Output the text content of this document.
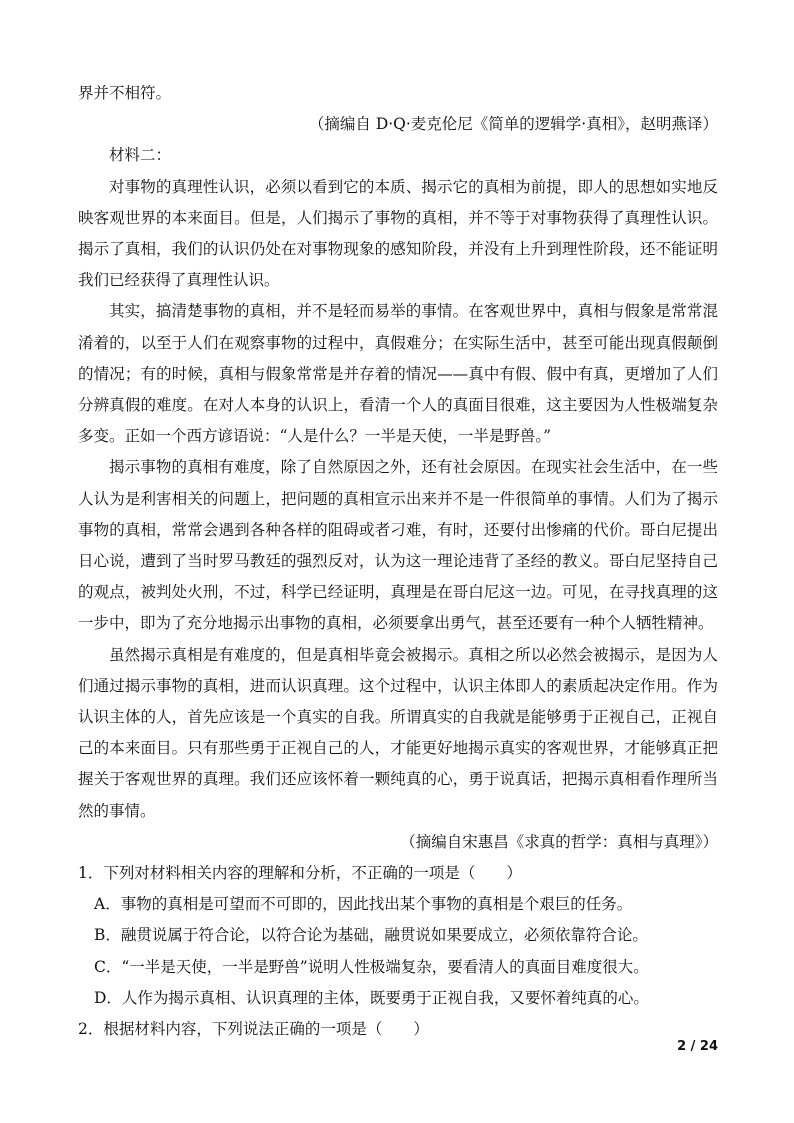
界并不相符。

（摘编自 D·Q·麦克伦尼《简单的逻辑学·真相》，赵明燕译）

材料二：

对事物的真理性认识，必须以看到它的本质、揭示它的真相为前提，即人的思想如实地反映客观世界的本来面目。但是，人们揭示了事物的真相，并不等于对事物获得了真理性认识。揭示了真相，我们的认识仍处在对事物现象的感知阶段，并没有上升到理性阶段，还不能证明我们已经获得了真理性认识。

其实，搞清楚事物的真相，并不是轻而易举的事情。在客观世界中，真相与假象是常常混淆着的，以至于人们在观察事物的过程中，真假难分；在实际生活中，甚至可能出现真假颠倒的情况；有的时候，真相与假象常常是并存着的情况——真中有假、假中有真，更增加了人们分辨真假的难度。在对人本身的认识上，看清一个人的真面目很难，这主要因为人性极端复杂多变。正如一个西方谚语说：“人是什么？一半是天使，一半是野兽。”

揭示事物的真相有难度，除了自然原因之外，还有社会原因。在现实社会生活中，在一些人认为是利害相关的问题上，把问题的真相宣示出来并不是一件很简单的事情。人们为了揭示事物的真相，常常会遇到各种各样的阻碍或者刁难，有时，还要付出惨痛的代价。哥白尼提出日心说，遭到了当时罗马教廷的强烈反对，认为这一理论违背了圣经的教义。哥白尼坚持自己的观点，被判处火刑，不过，科学已经证明，真理是在哥白尼这一边。可见，在寻找真理的这一步中，即为了充分地揭示出事物的真相，必须要拿出勇气，甚至还要有一种个人牺牲精神。

虽然揭示真相是有难度的，但是真相毕竟会被揭示。真相之所以必然会被揭示，是因为人们通过揭示事物的真相，进而认识真理。这个过程中，认识主体即人的素质起决定作用。作为认识主体的人，首先应该是一个真实的自我。所谓真实的自我就是能够勇于正视自己，正视自己的本来面目。只有那些勇于正视自己的人，才能更好地揭示真实的客观世界，才能够真正把握关于客观世界的真理。我们还应该怀着一颗纯真的心，勇于说真话，把揭示真相看作理所当然的事情。

（摘编自宋惠昌《求真的哲学：真相与真理》）

1．下列对材料相关内容的理解和分析，不正确的一项是（　　）

A．事物的真相是可望而不可即的，因此找出某个事物的真相是个艰巨的任务。

B．融贯说属于符合论，以符合论为基础，融贯说如果要成立，必须依靠符合论。

C．“一半是天使，一半是野兽”说明人性极端复杂，要看清人的真面目难度很大。

D．人作为揭示真相、认识真理的主体，既要勇于正视自我，又要怀着纯真的心。

2．根据材料内容，下列说法正确的一项是（　　）

2 / 24
